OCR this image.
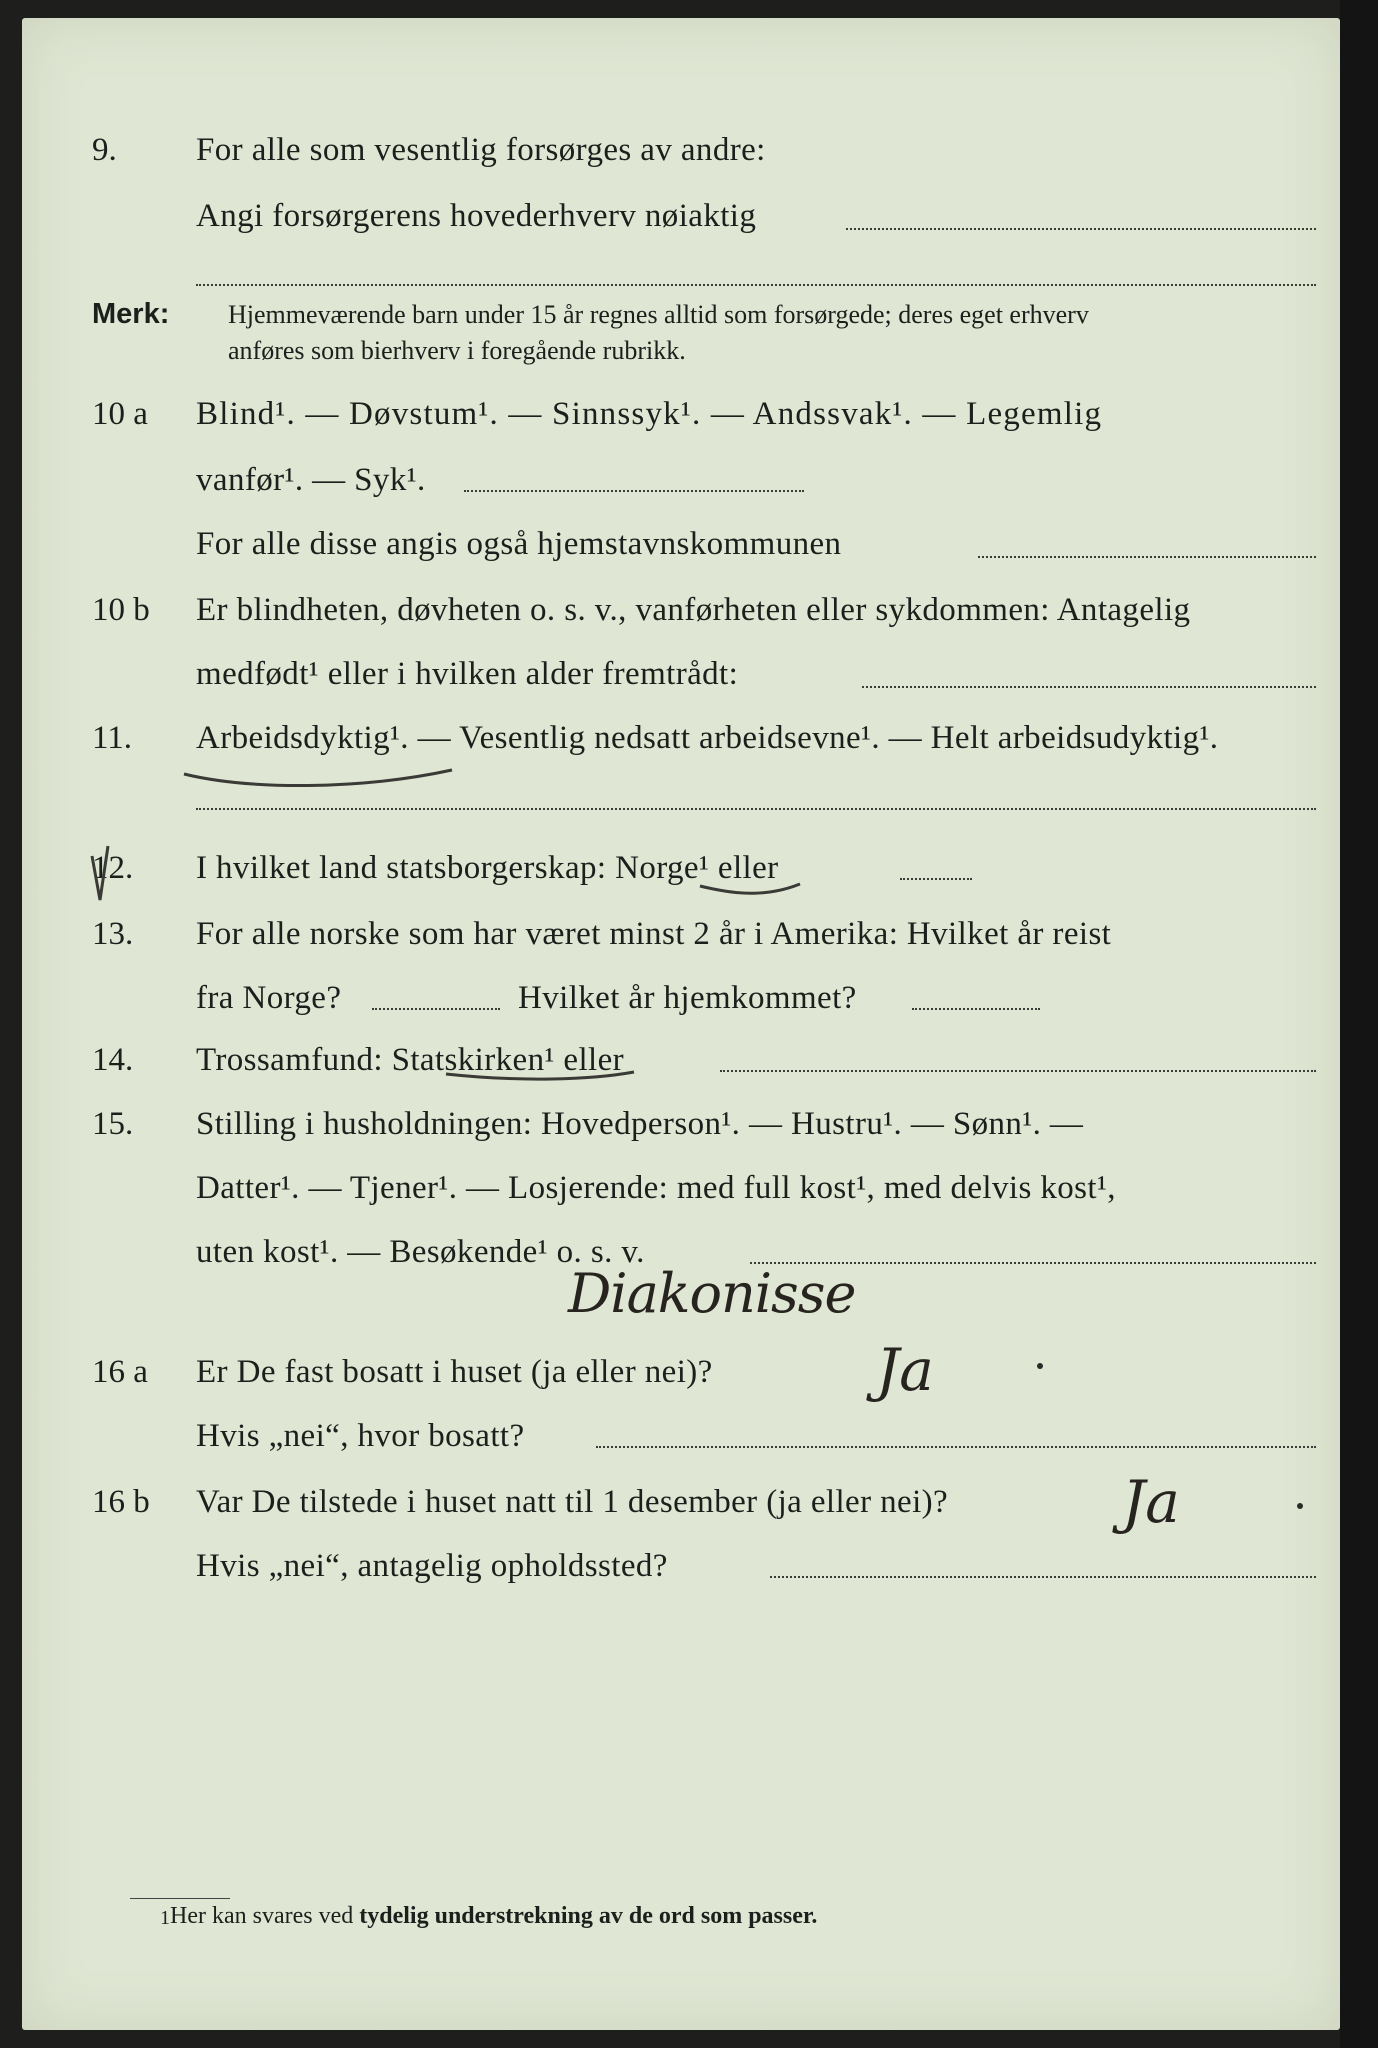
9. For alle som vesentlig forsørges av andre:
Angi forsørgerens hovederhverv nøiaktig
Merk: Hjemmeværende barn under 15 år regnes alltid som forsørgede; deres eget erhverv
anføres som bierhverv i foregående rubrikk.
10 a Blind¹. — Døvstum¹. — Sinnssyk¹. — Andssvak¹. — Legemlig
vanfør¹. — Syk¹.
For alle disse angis også hjemstavnskommunen
10 b Er blindheten, døvheten o. s. v., vanførheten eller sykdommen: Antagelig
medfødt¹ eller i hvilken alder fremtrådt:
11. Arbeidsdyktig¹. — Vesentlig nedsatt arbeidsevne¹. — Helt arbeidsudyktig¹.
12. I hvilket land statsborgerskap: Norge¹ eller
13. For alle norske som har været minst 2 år i Amerika: Hvilket år reist
fra Norge?	Hvilket år hjemkommet?
14. Trossamfund: Statskirken¹ eller
15. Stilling i husholdningen: Hovedperson¹. — Hustru¹. — Sønn¹. —
Datter¹. — Tjener¹. — Losjerende: med full kost¹, med delvis kost¹,
uten kost¹. — Besøkende¹ o. s. v.
Diakonisse
16 a Er De fast bosatt i huset (ja eller nei)?	Ja
Hvis „nei“, hvor bosatt?
16 b Var De tilstede i huset natt til 1 desember (ja eller nei)?	Ja
Hvis „nei“, antagelig opholdssted?
1 Her kan svares ved tydelig understrekning av de ord som passer.
